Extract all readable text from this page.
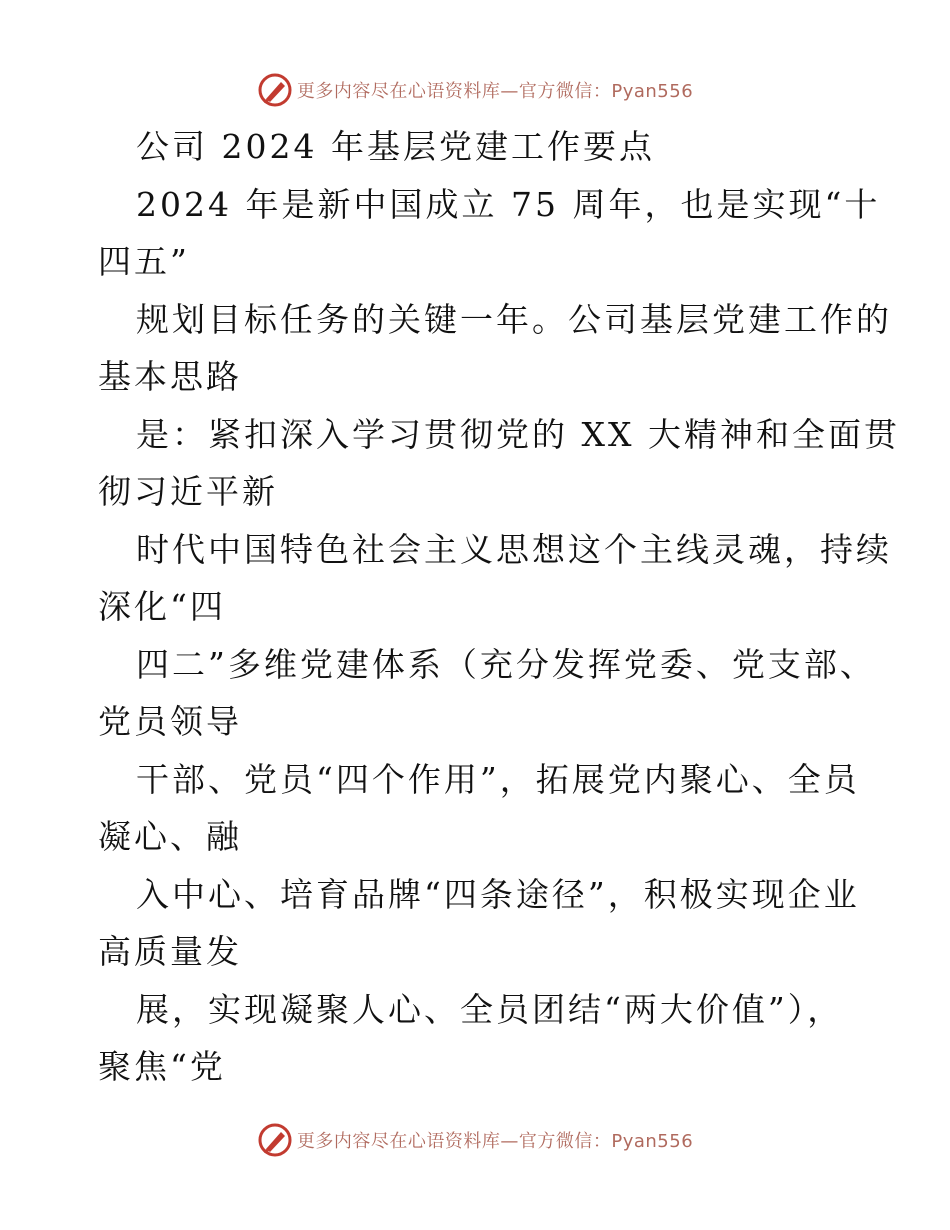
更多内容尽在心语资料库—官方微信：Pyan556
公司 2024 年基层党建工作要点
2024 年是新中国成立 75 周年，也是实现“十
四五”
规划目标任务的关键一年。公司基层党建工作的
基本思路
是：紧扣深入学习贯彻党的 XX 大精神和全面贯
彻习近平新
时代中国特色社会主义思想这个主线灵魂，持续
深化“四
四二”多维党建体系（充分发挥党委、党支部、
党员领导
干部、党员“四个作用”，拓展党内聚心、全员
凝心、融
入中心、培育品牌“四条途径”，积极实现企业
高质量发
展，实现凝聚人心、全员团结“两大价值”），
聚焦“党
更多内容尽在心语资料库—官方微信：Pyan556
